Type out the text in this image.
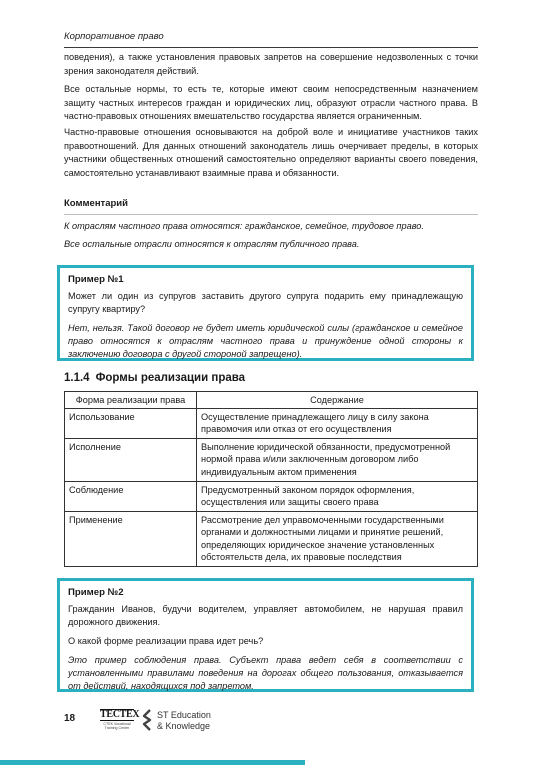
Корпоративное право

поведения), а также установления правовых запретов на совершение недозволенных с точки зрения законодателя действий.

Все остальные нормы, то есть те, которые имеют своим непосредственным назначением защиту частных интересов граждан и юридических лиц, образуют отрасли частного права. В частно-правовых отношениях вмешательство государства является ограниченным.

Частно-правовые отношения основываются на доброй воле и инициативе участников таких правоотношений. Для данных отношений законодатель лишь очерчивает пределы, в которых участники общественных отношений самостоятельно определяют варианты своего поведения, самостоятельно устанавливают взаимные права и обязанности.

Комментарий

К отраслям частного права относятся: гражданское, семейное, трудовое право.

Все остальные отрасли относятся к отраслям публичного права.

Пример №1

Может ли один из супругов заставить другого супруга подарить ему принадлежащую супругу квартиру?

Нет, нельзя. Такой договор не будет иметь юридической силы (гражданское и семейное право относятся к отраслям частного права и принуждение одной стороны к заключению договора с другой стороной запрещено).

1.1.4 Формы реализации права
Форма реализации права	Содержание
Использование	Осуществление принадлежащего лицу в силу закона правомочия или отказ от его осуществления
Исполнение	Выполнение юридической обязанности, предусмотренной нормой права и/или заключенным договором либо индивидуальным актом применения
Соблюдение	Предусмотренный законом порядок оформления, осуществления или защиты своего права
Применение	Рассмотрение дел управомоченными государственными органами и должностными лицами и принятие решений, определяющих юридическое значение установленных обстоятельств дела, их правовые последствия

Пример №2

Гражданин Иванов, будучи водителем, управляет автомобилем, не нарушая правил дорожного движения.

О какой форме реализации права идет речь?

Это пример соблюдения права. Субъект права ведет себя в соответствии с установленными правилами поведения на дорогах общего пользования, отказывается от действий, находящихся под запретом.

18 TECTEX
CTEK Vocational Training Center
ST Education
& Knowledge
